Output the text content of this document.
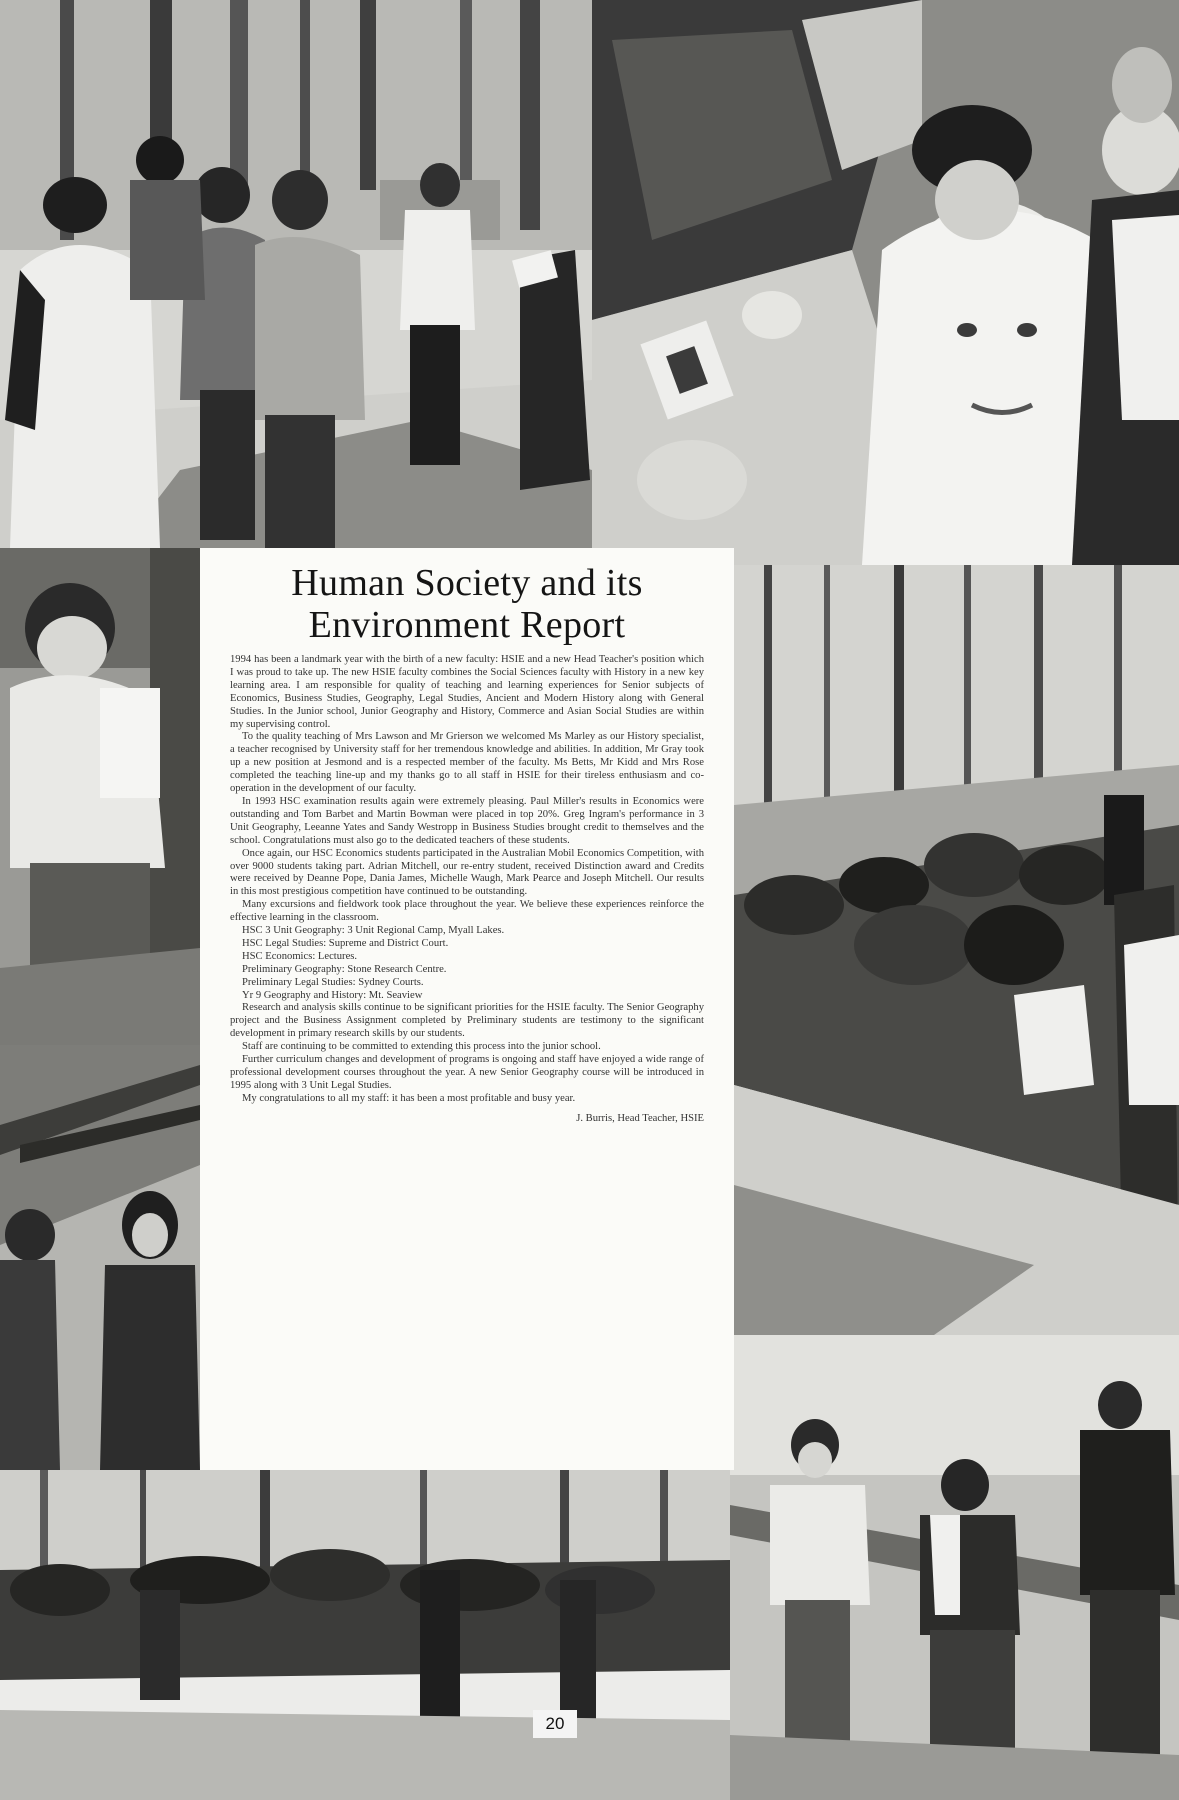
Human Society and its Environment Report

1994 has been a landmark year with the birth of a new faculty: HSIE and a new Head Teacher's position which I was proud to take up. The new HSIE faculty combines the Social Sciences faculty with History in a new key learning area. I am responsible for quality of teaching and learning experiences for Senior subjects of Economics, Business Studies, Geography, Legal Studies, Ancient and Modern History along with General Studies. In the Junior school, Junior Geography and History, Commerce and Asian Social Studies are within my supervising control.

To the quality teaching of Mrs Lawson and Mr Grierson we welcomed Ms Marley as our History specialist, a teacher recognised by University staff for her tremendous knowledge and abilities. In addition, Mr Gray took up a new position at Jesmond and is a respected member of the faculty. Ms Betts, Mr Kidd and Mrs Rose completed the teaching line-up and my thanks go to all staff in HSIE for their tireless enthusiasm and co-operation in the development of our faculty.

In 1993 HSC examination results again were extremely pleasing. Paul Miller's results in Economics were outstanding and Tom Barbet and Martin Bowman were placed in top 20%. Greg Ingram's performance in 3 Unit Geography, Leeanne Yates and Sandy Westropp in Business Studies brought credit to themselves and the school. Congratulations must also go to the dedicated teachers of these students.

Once again, our HSC Economics students participated in the Australian Mobil Economics Competition, with over 9000 students taking part. Adrian Mitchell, our re-entry student, received Distinction award and Credits were received by Deanne Pope, Dania James, Michelle Waugh, Mark Pearce and Joseph Mitchell. Our results in this most prestigious competition have continued to be outstanding.

Many excursions and fieldwork took place throughout the year. We believe these experiences reinforce the effective learning in the classroom.

HSC 3 Unit Geography: 3 Unit Regional Camp, Myall Lakes.
HSC Legal Studies: Supreme and District Court.
HSC Economics: Lectures.
Preliminary Geography: Stone Research Centre.
Preliminary Legal Studies: Sydney Courts.
Yr 9 Geography and History: Mt. Seaview

Research and analysis skills continue to be significant priorities for the HSIE faculty. The Senior Geography project and the Business Assignment completed by Preliminary students are testimony to the significant development in primary research skills by our students.

Staff are continuing to be committed to extending this process into the junior school.

Further curriculum changes and development of programs is ongoing and staff have enjoyed a wide range of professional development courses throughout the year. A new Senior Geography course will be introduced in 1995 along with 3 Unit Legal Studies.

My congratulations to all my staff: it has been a most profitable and busy year.

J. Burris, Head Teacher, HSIE
20
